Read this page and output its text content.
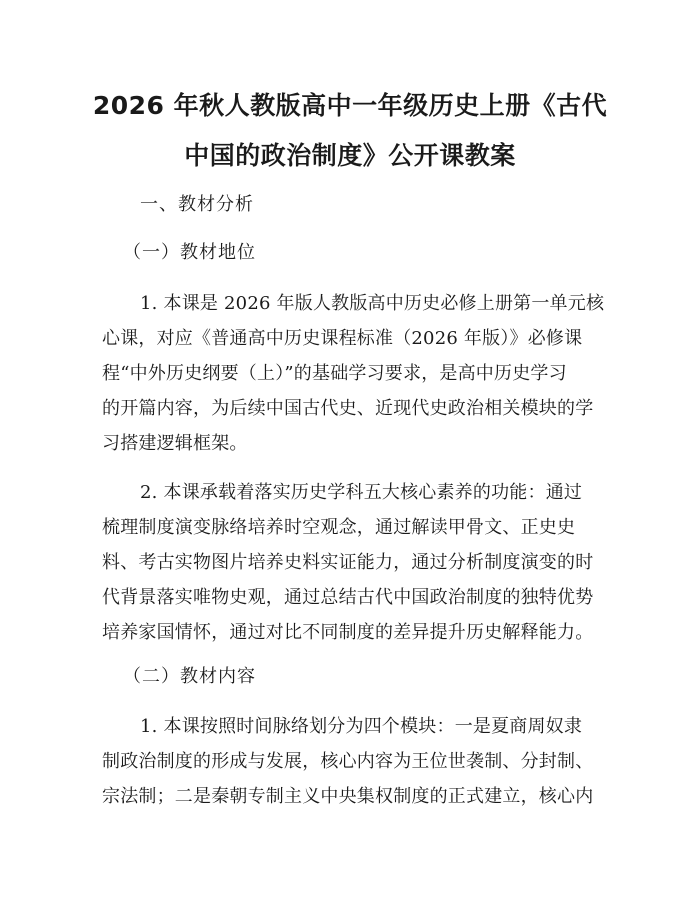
2026 年秋人教版高中一年级历史上册《古代
中国的政治制度》公开课教案
一、教材分析
（一）教材地位
1. 本课是 2026 年版人教版高中历史必修上册第一单元核
心课，对应《普通高中历史课程标准（2026 年版）》必修课
程“中外历史纲要（上）”的基础学习要求，是高中历史学习
的开篇内容，为后续中国古代史、近现代史政治相关模块的学
习搭建逻辑框架。
2. 本课承载着落实历史学科五大核心素养的功能：通过
梳理制度演变脉络培养时空观念，通过解读甲骨文、正史史
料、考古实物图片培养史料实证能力，通过分析制度演变的时
代背景落实唯物史观，通过总结古代中国政治制度的独特优势
培养家国情怀，通过对比不同制度的差异提升历史解释能力。
（二）教材内容
1. 本课按照时间脉络划分为四个模块：一是夏商周奴隶
制政治制度的形成与发展，核心内容为王位世袭制、分封制、
宗法制；二是秦朝专制主义中央集权制度的正式建立，核心内
